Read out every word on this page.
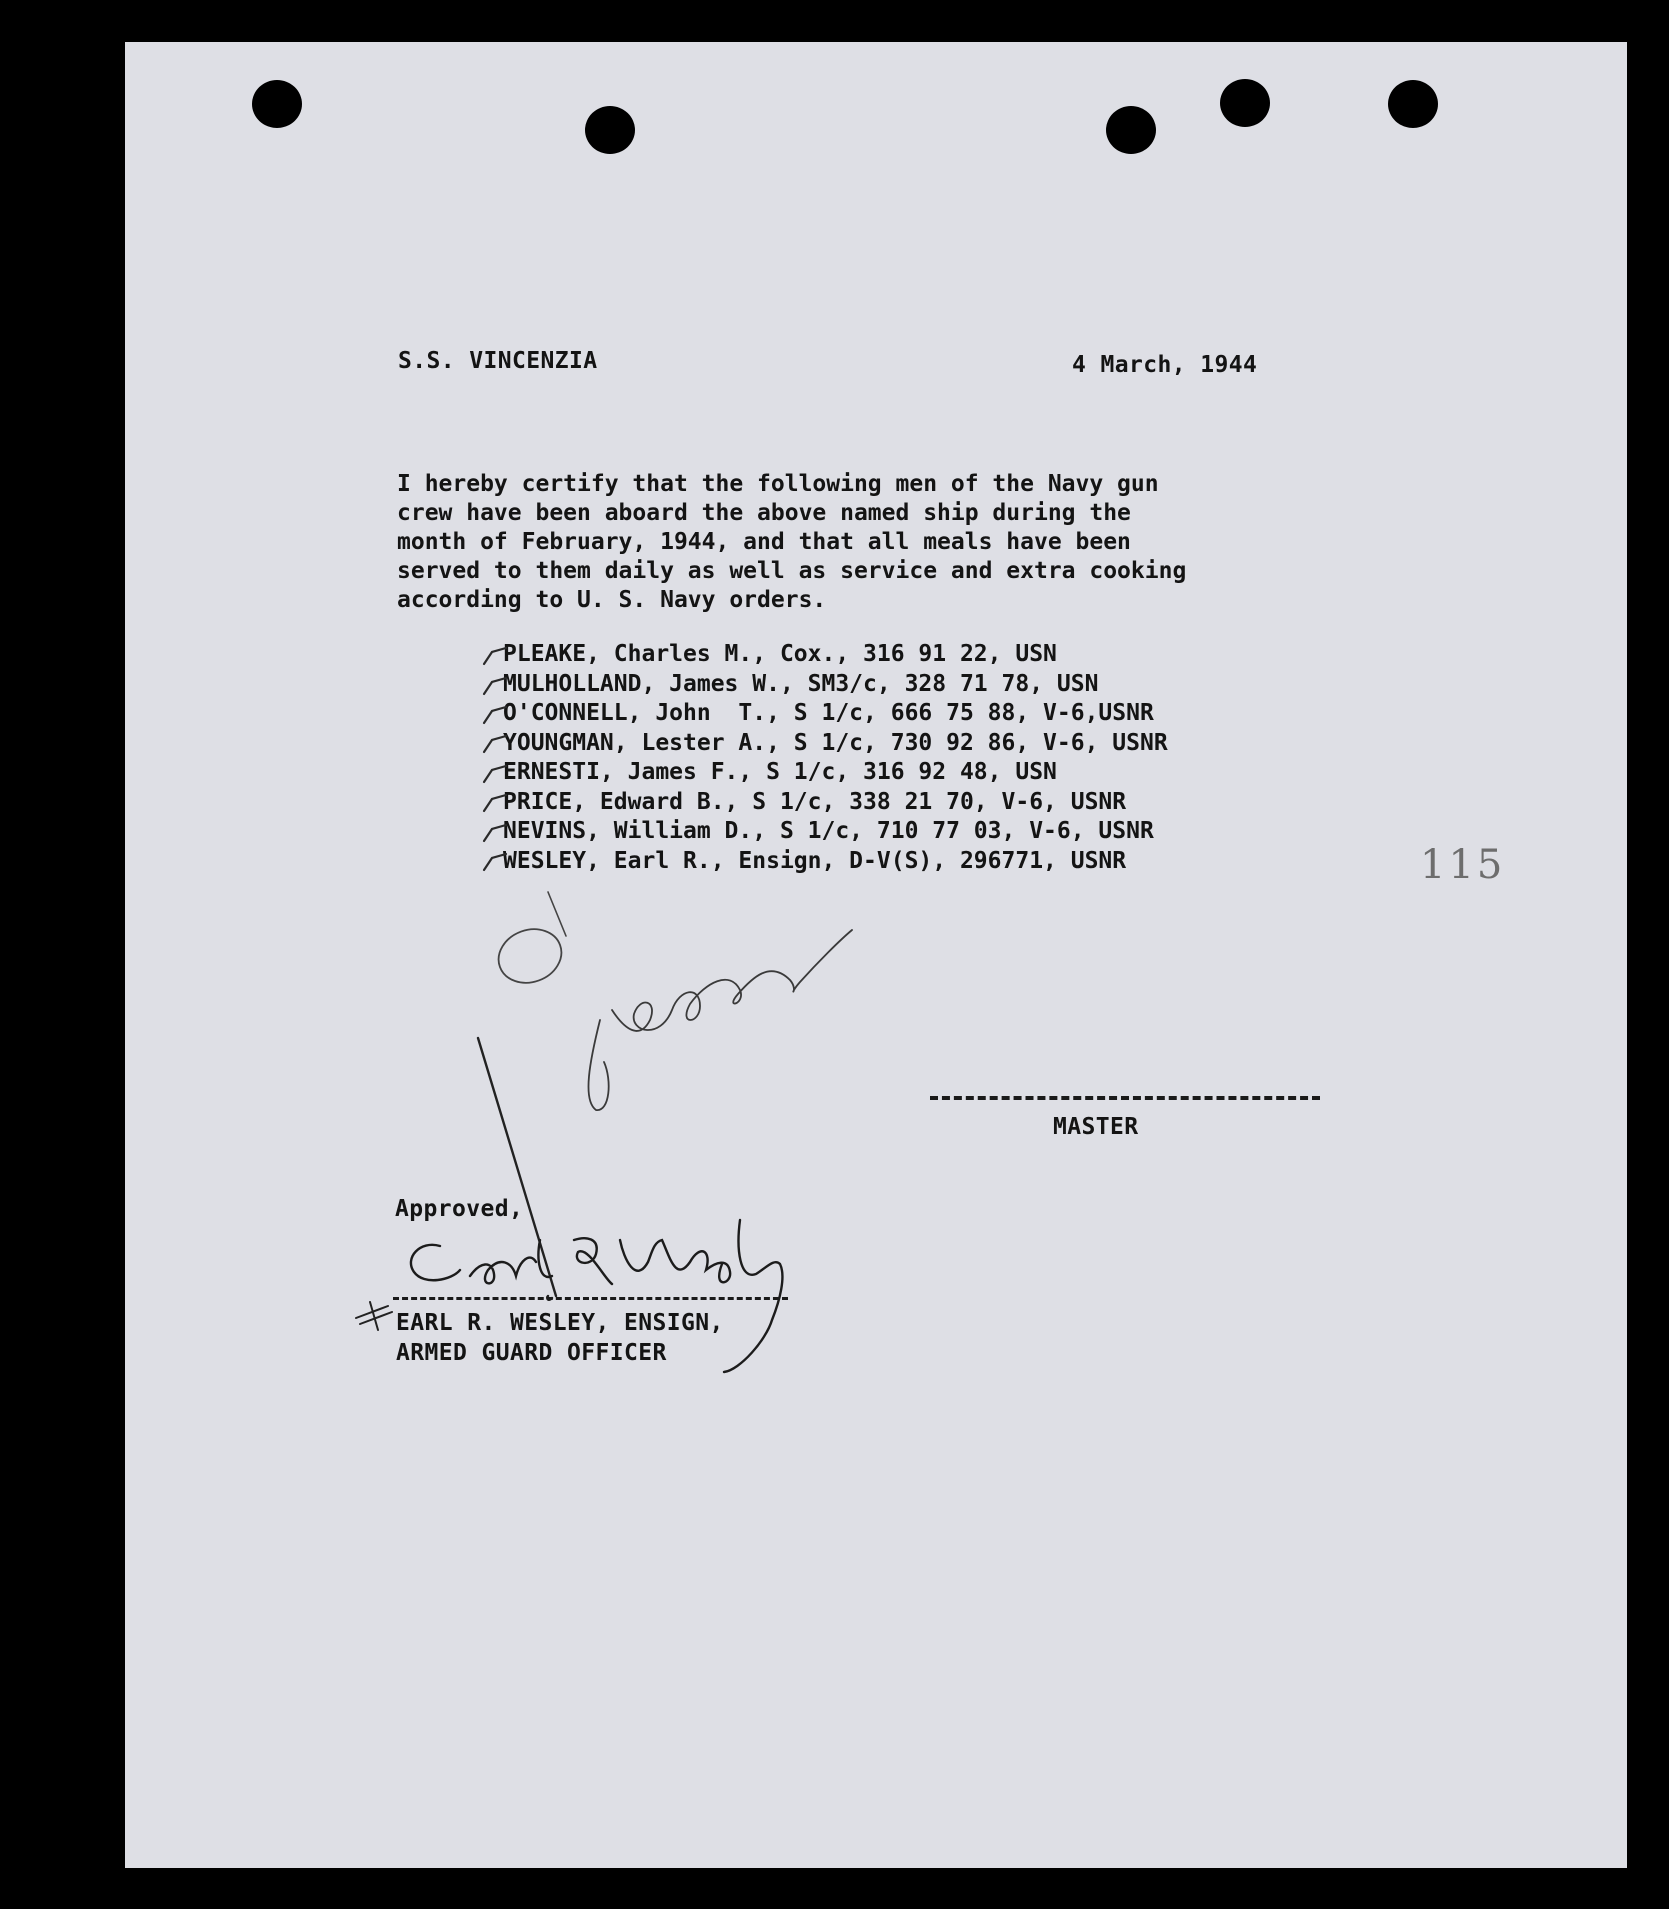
S.S. VINCENZIA	4 March, 1944
I hereby certify that the following men of the Navy gun
crew have been aboard the above named ship during the
month of February, 1944, and that all meals have been
served to them daily as well as service and extra cooking
according to U. S. Navy orders.
PLEAKE, Charles M., Cox., 316 91 22, USN
MULHOLLAND, James W., SM3/c, 328 71 78, USN
O'CONNELL, John  T., S 1/c, 666 75 88, V-6,USNR
YOUNGMAN, Lester A., S 1/c, 730 92 86, V-6, USNR
ERNESTI, James F., S 1/c, 316 92 48, USN
PRICE, Edward B., S 1/c, 338 21 70, V-6, USNR
NEVINS, William D., S 1/c, 710 77 03, V-6, USNR
WESLEY, Earl R., Ensign, D-V(S), 296771, USNR	115
MASTER
Approved,
EARL R. WESLEY, ENSIGN,
ARMED GUARD OFFICER
